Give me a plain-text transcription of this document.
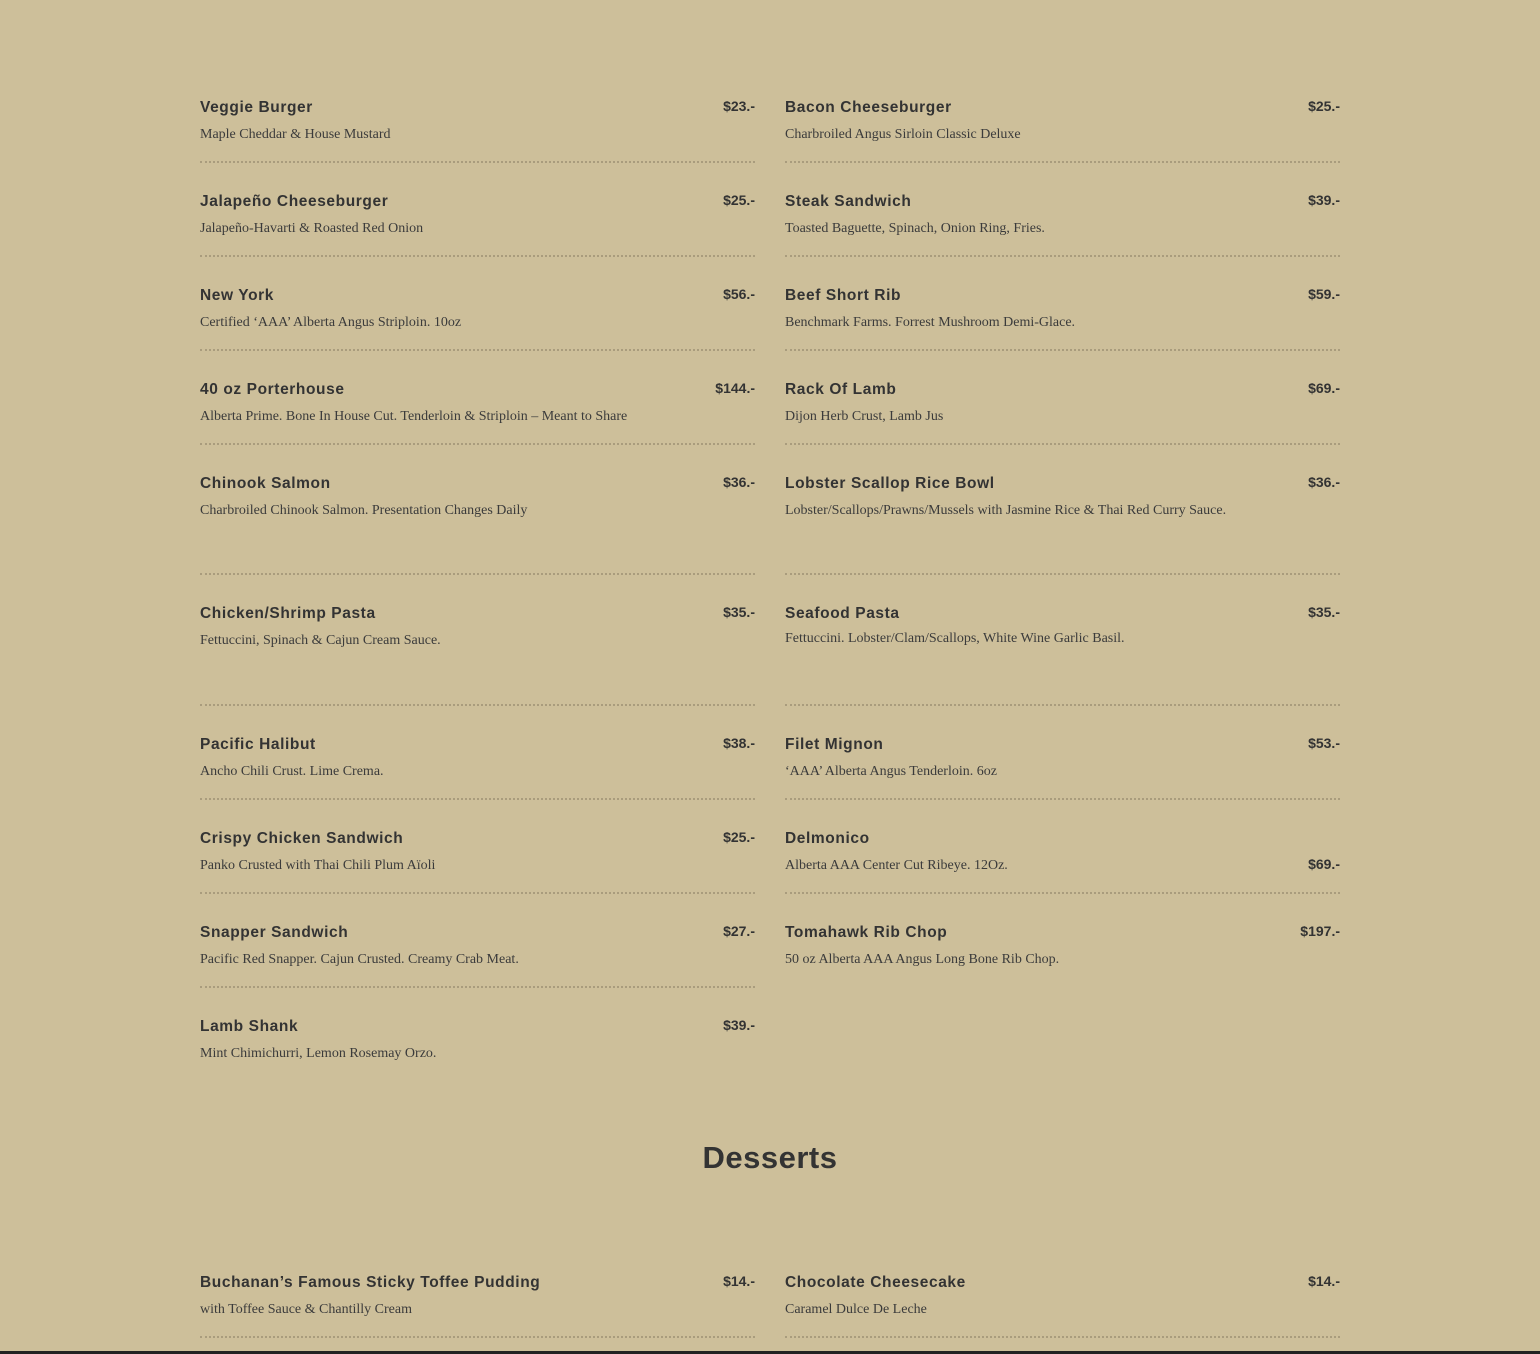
Veggie Burger
Maple Cheddar & House Mustard
$23.-
Jalapeño Cheeseburger
Jalapeño-Havarti & Roasted Red Onion
$25.-
New York
Certified ‘AAA’ Alberta Angus Striploin. 10oz
$56.-
40 oz Porterhouse
Alberta Prime. Bone In House Cut. Tenderloin & Striploin – Meant to Share
$144.-
Chinook Salmon
Charbroiled Chinook Salmon. Presentation Changes Daily
$36.-
Chicken/Shrimp Pasta
Fettuccini, Spinach & Cajun Cream Sauce.
$35.-
Pacific Halibut
Ancho Chili Crust. Lime Crema.
$38.-
Crispy Chicken Sandwich
Panko Crusted with Thai Chili Plum Aïoli
$25.-
Snapper Sandwich
Pacific Red Snapper. Cajun Crusted. Creamy Crab Meat.
$27.-
Lamb Shank
Mint Chimichurri, Lemon Rosemay Orzo.
$39.-
Bacon Cheeseburger
Charbroiled Angus Sirloin Classic Deluxe
$25.-
Steak Sandwich
Toasted Baguette, Spinach, Onion Ring, Fries.
$39.-
Beef Short Rib
Benchmark Farms. Forrest Mushroom Demi-Glace.
$59.-
Rack Of Lamb
Dijon Herb Crust, Lamb Jus
$69.-
Lobster Scallop Rice Bowl
Lobster/Scallops/Prawns/Mussels with Jasmine Rice & Thai Red Curry Sauce.
$36.-
Seafood Pasta
Fettuccini. Lobster/Clam/Scallops, White Wine Garlic Basil.
$35.-
Filet Mignon
‘AAA’ Alberta Angus Tenderloin. 6oz
$53.-
Delmonico
Alberta AAA Center Cut Ribeye. 12Oz.	$69.-
Tomahawk Rib Chop
50 oz Alberta AAA Angus Long Bone Rib Chop.
$197.-
Desserts
Buchanan’s Famous Sticky Toffee Pudding
with Toffee Sauce & Chantilly Cream
$14.- Chocolate Cheesecake
Caramel Dulce De Leche
$14.-
